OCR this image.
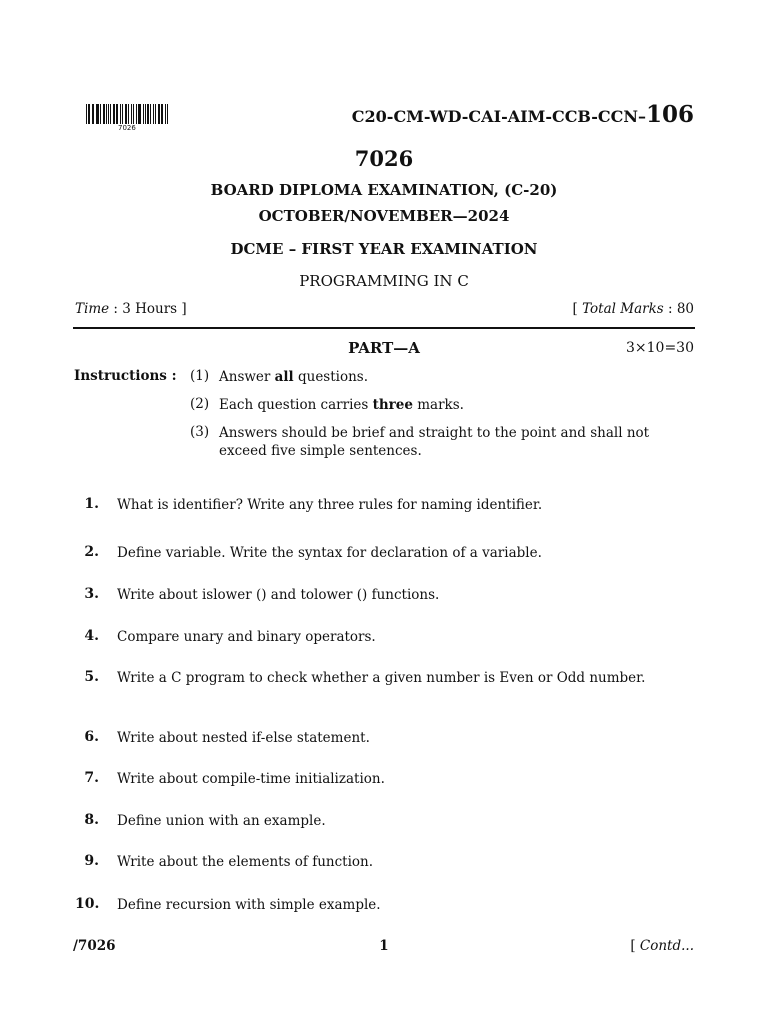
7026
C20-CM-WD-CAI-AIM-CCB-CCN–106
7026
BOARD DIPLOMA EXAMINATION, (C-20)
OCTOBER/NOVEMBER—2024
DCME – FIRST YEAR EXAMINATION
PROGRAMMING IN C
Time : 3 Hours ]	[ Total Marks : 80
PART—A	3×10=30
Instructions : (1) Answer all questions.
(2) Each question carries three marks.
(3) Answers should be brief and straight to the point and shall not exceed five simple sentences.
1. What is identifier? Write any three rules for naming identifier.
2. Define variable. Write the syntax for declaration of a variable.
3. Write about islower () and tolower () functions.
4. Compare unary and binary operators.
5. Write a C program to check whether a given number is Even or Odd number.
6. Write about nested if-else statement.
7. Write about compile-time initialization.
8. Define union with an example.
9. Write about the elements of function.
10. Define recursion with simple example.
/7026	1	[ Contd...
